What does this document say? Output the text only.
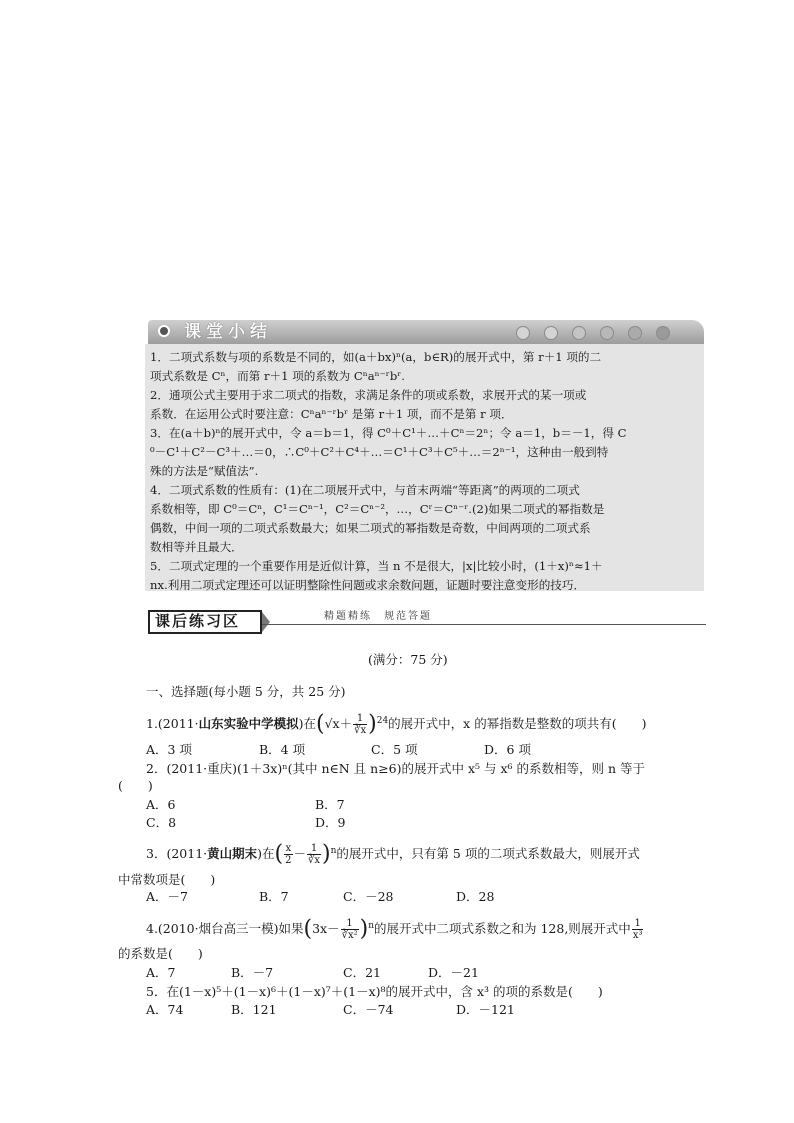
课堂小结
1．二项式系数与项的系数是不同的，如(a＋bx)ⁿ(a，b∈R)的展开式中，第 r＋1 项的二
项式系数是 Cⁿ，而第 r＋1 项的系数为 Cⁿaⁿ⁻ʳbʳ.
2．通项公式主要用于求二项式的指数，求满足条件的项或系数，求展开式的某一项或
系数．在运用公式时要注意：Cⁿaⁿ⁻ʳbʳ 是第 r＋1 项，而不是第 r 项．
3．在(a＋b)ⁿ的展开式中，令 a＝b＝1，得 C⁰＋C¹＋…＋Cⁿ＝2ⁿ；令 a＝1，b＝－1，得 C
⁰－C¹＋C²－C³＋…＝0，∴C⁰＋C²＋C⁴＋…＝C¹＋C³＋C⁵＋…＝2ⁿ⁻¹，这种由一般到特
殊的方法是“赋值法”.
4．二项式系数的性质有：(1)在二项展开式中，与首末两端“等距离”的两项的二项式
系数相等，即 C⁰＝Cⁿ，C¹＝Cⁿ⁻¹，C²＝Cⁿ⁻²，…，Cʳ＝Cⁿ⁻ʳ.(2)如果二项式的幂指数是
偶数，中间一项的二项式系数最大；如果二项式的幂指数是奇数，中间两项的二项式系
数相等并且最大．
5．二项式定理的一个重要作用是近似计算，当 n 不是很大，|x|比较小时，(1＋x)ⁿ≈1＋
nx.利用二项式定理还可以证明整除性问题或求余数问题，证题时要注意变形的技巧．
课后练习区	精题精练　规范答题
(满分：75 分)
一、选择题(每小题 5 分，共 25 分)
1.(2011·山东实验中学模拟)在$(√x+ \frac{1}{∛x} )^{24}$的展开式中，x 的幂指数是整数的项共有(　　)
A．3 项	B．4 项	C．5 项	D．6 项
2．(2011·重庆)(1＋3x)ⁿ(其中 n∈N 且 n≥6)的展开式中 x⁵ 与 x⁶ 的系数相等，则 n 等于
(　　)
A．6	B．7
C．8	D．9
3．(2011·黄山期末)在( $\frac{x}{2} - \frac{1}{∛x} )^n$的展开式中，只有第 5 项的二项式系数最大，则展开式
中常数项是(　　)
A．－7	B．7	C．－28	D．28
4.(2010·烟台高三一模)如果$(3x- \frac{1}{\text{∛x²}} )^n$的展开式中二项式系数之和为 128,则展开式中 $\frac{1}{\text{x³}}$
的系数是(　　)
A．7	B．－7	C．21	D．－21
5．在(1－x)⁵＋(1－x)⁶＋(1－x)⁷＋(1－x)⁸的展开式中，含 x³ 的项的系数是(　　)
A．74	B．121	C．－74	D．－121
